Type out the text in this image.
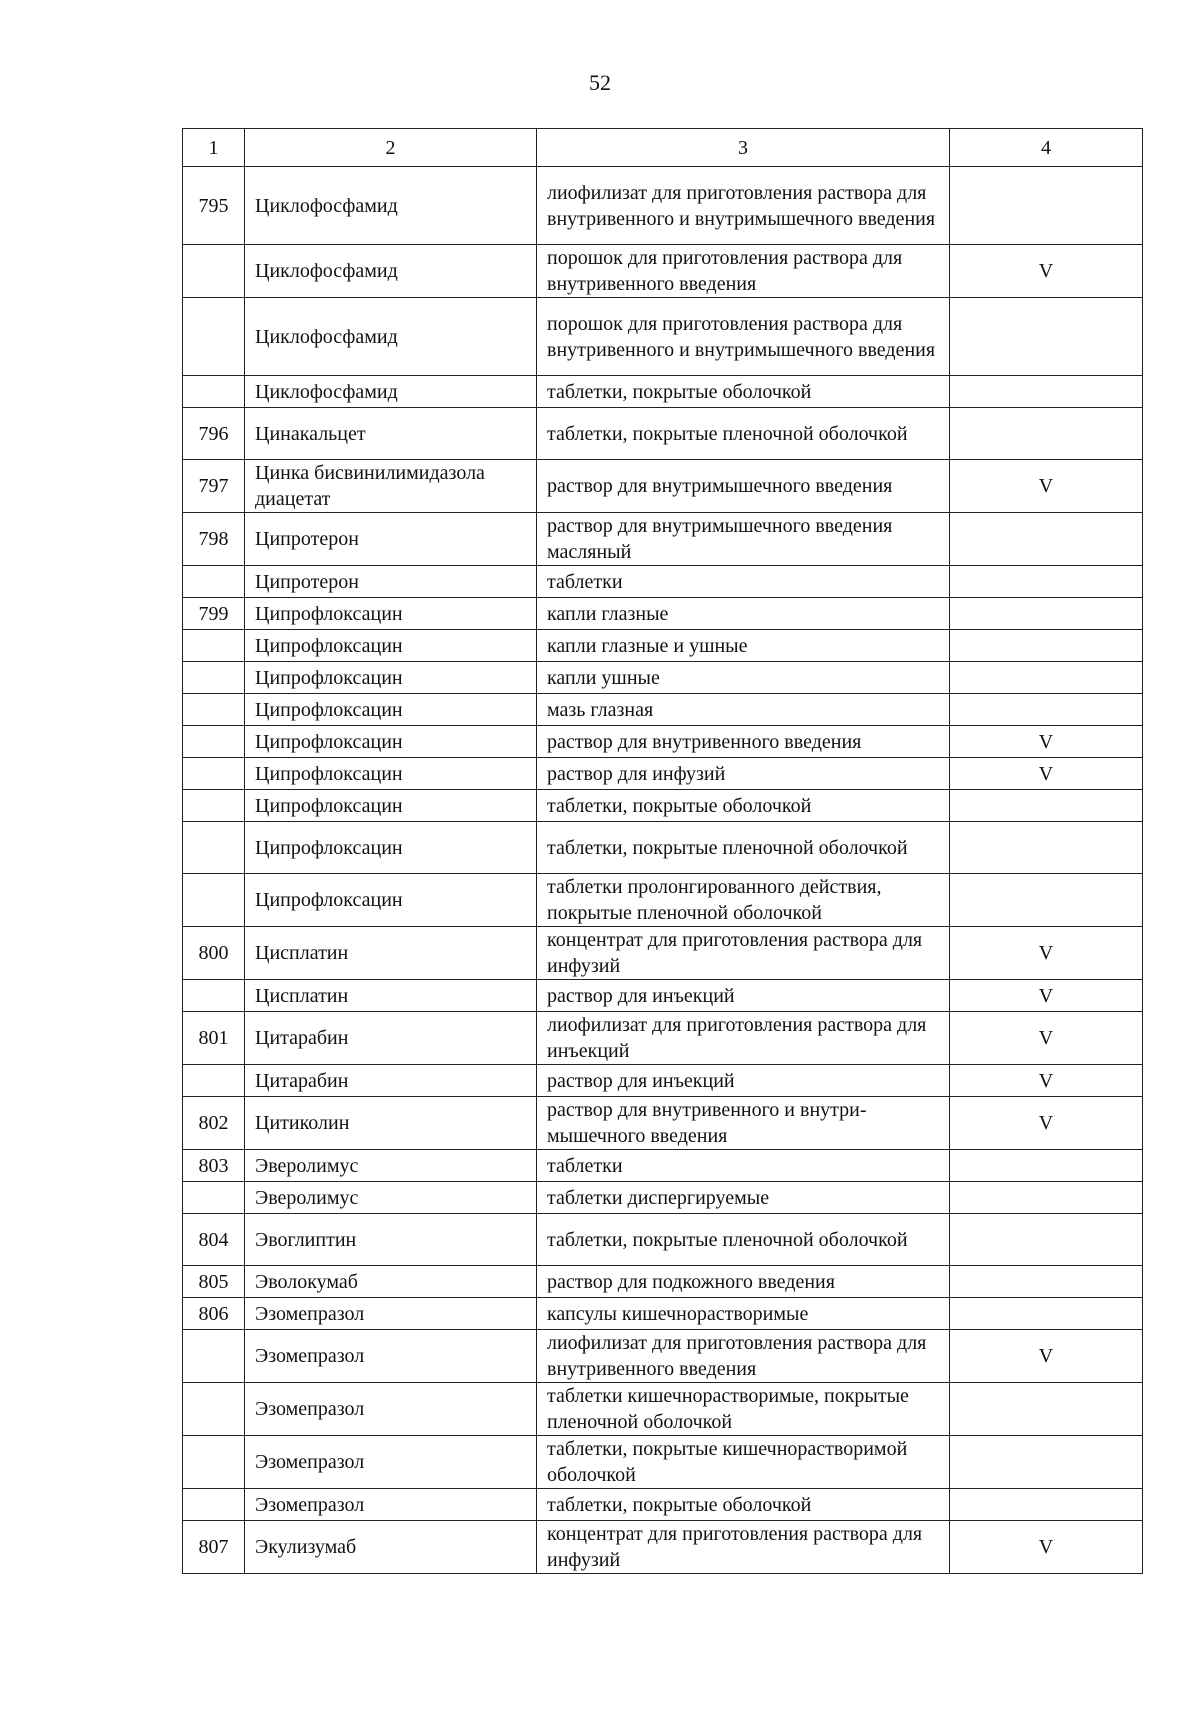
52
1	2	3	4
795	Циклофосфамид	лиофилизат для приготовления раствора для внутривенного и внутримышечного введения	
	Циклофосфамид	порошок для приготовления раствора для внутривенного введения	V
	Циклофосфамид	порошок для приготовления раствора для внутривенного и внутримышечного введения	
	Циклофосфамид	таблетки, покрытые оболочкой	
796	Цинакальцет	таблетки, покрытые пленочной оболочкой	
797	Цинка бисвинилимидазола диацетат	раствор для внутримышечного введения	V
798	Ципротерон	раствор для внутримышечного введения масляный	
	Ципротерон	таблетки	
799	Ципрофлоксацин	капли глазные	
	Ципрофлоксацин	капли глазные и ушные	
	Ципрофлоксацин	капли ушные	
	Ципрофлоксацин	мазь глазная	
	Ципрофлоксацин	раствор для внутривенного введения	V
	Ципрофлоксацин	раствор для инфузий	V
	Ципрофлоксацин	таблетки, покрытые оболочкой	
	Ципрофлоксацин	таблетки, покрытые пленочной оболочкой	
	Ципрофлоксацин	таблетки пролонгированного действия, покрытые пленочной оболочкой	
800	Цисплатин	концентрат для приготовления раствора для инфузий	V
	Цисплатин	раствор для инъекций	V
801	Цитарабин	лиофилизат для приготовления раствора для инъекций	V
	Цитарабин	раствор для инъекций	V
802	Цитиколин	раствор для внутривенного и внутримышечного введения	V
803	Эверолимус	таблетки	
	Эверолимус	таблетки диспергируемые	
804	Эвоглиптин	таблетки, покрытые пленочной оболочкой	
805	Эволокумаб	раствор для подкожного введения	
806	Эзомепразол	капсулы кишечнорастворимые	
	Эзомепразол	лиофилизат для приготовления раствора для внутривенного введения	V
	Эзомепразол	таблетки кишечнорастворимые, покрытые пленочной оболочкой	
	Эзомепразол	таблетки, покрытые кишечнорастворимой оболочкой	
	Эзомепразол	таблетки, покрытые оболочкой	
807	Экулизумаб	концентрат для приготовления раствора для инфузий	V
